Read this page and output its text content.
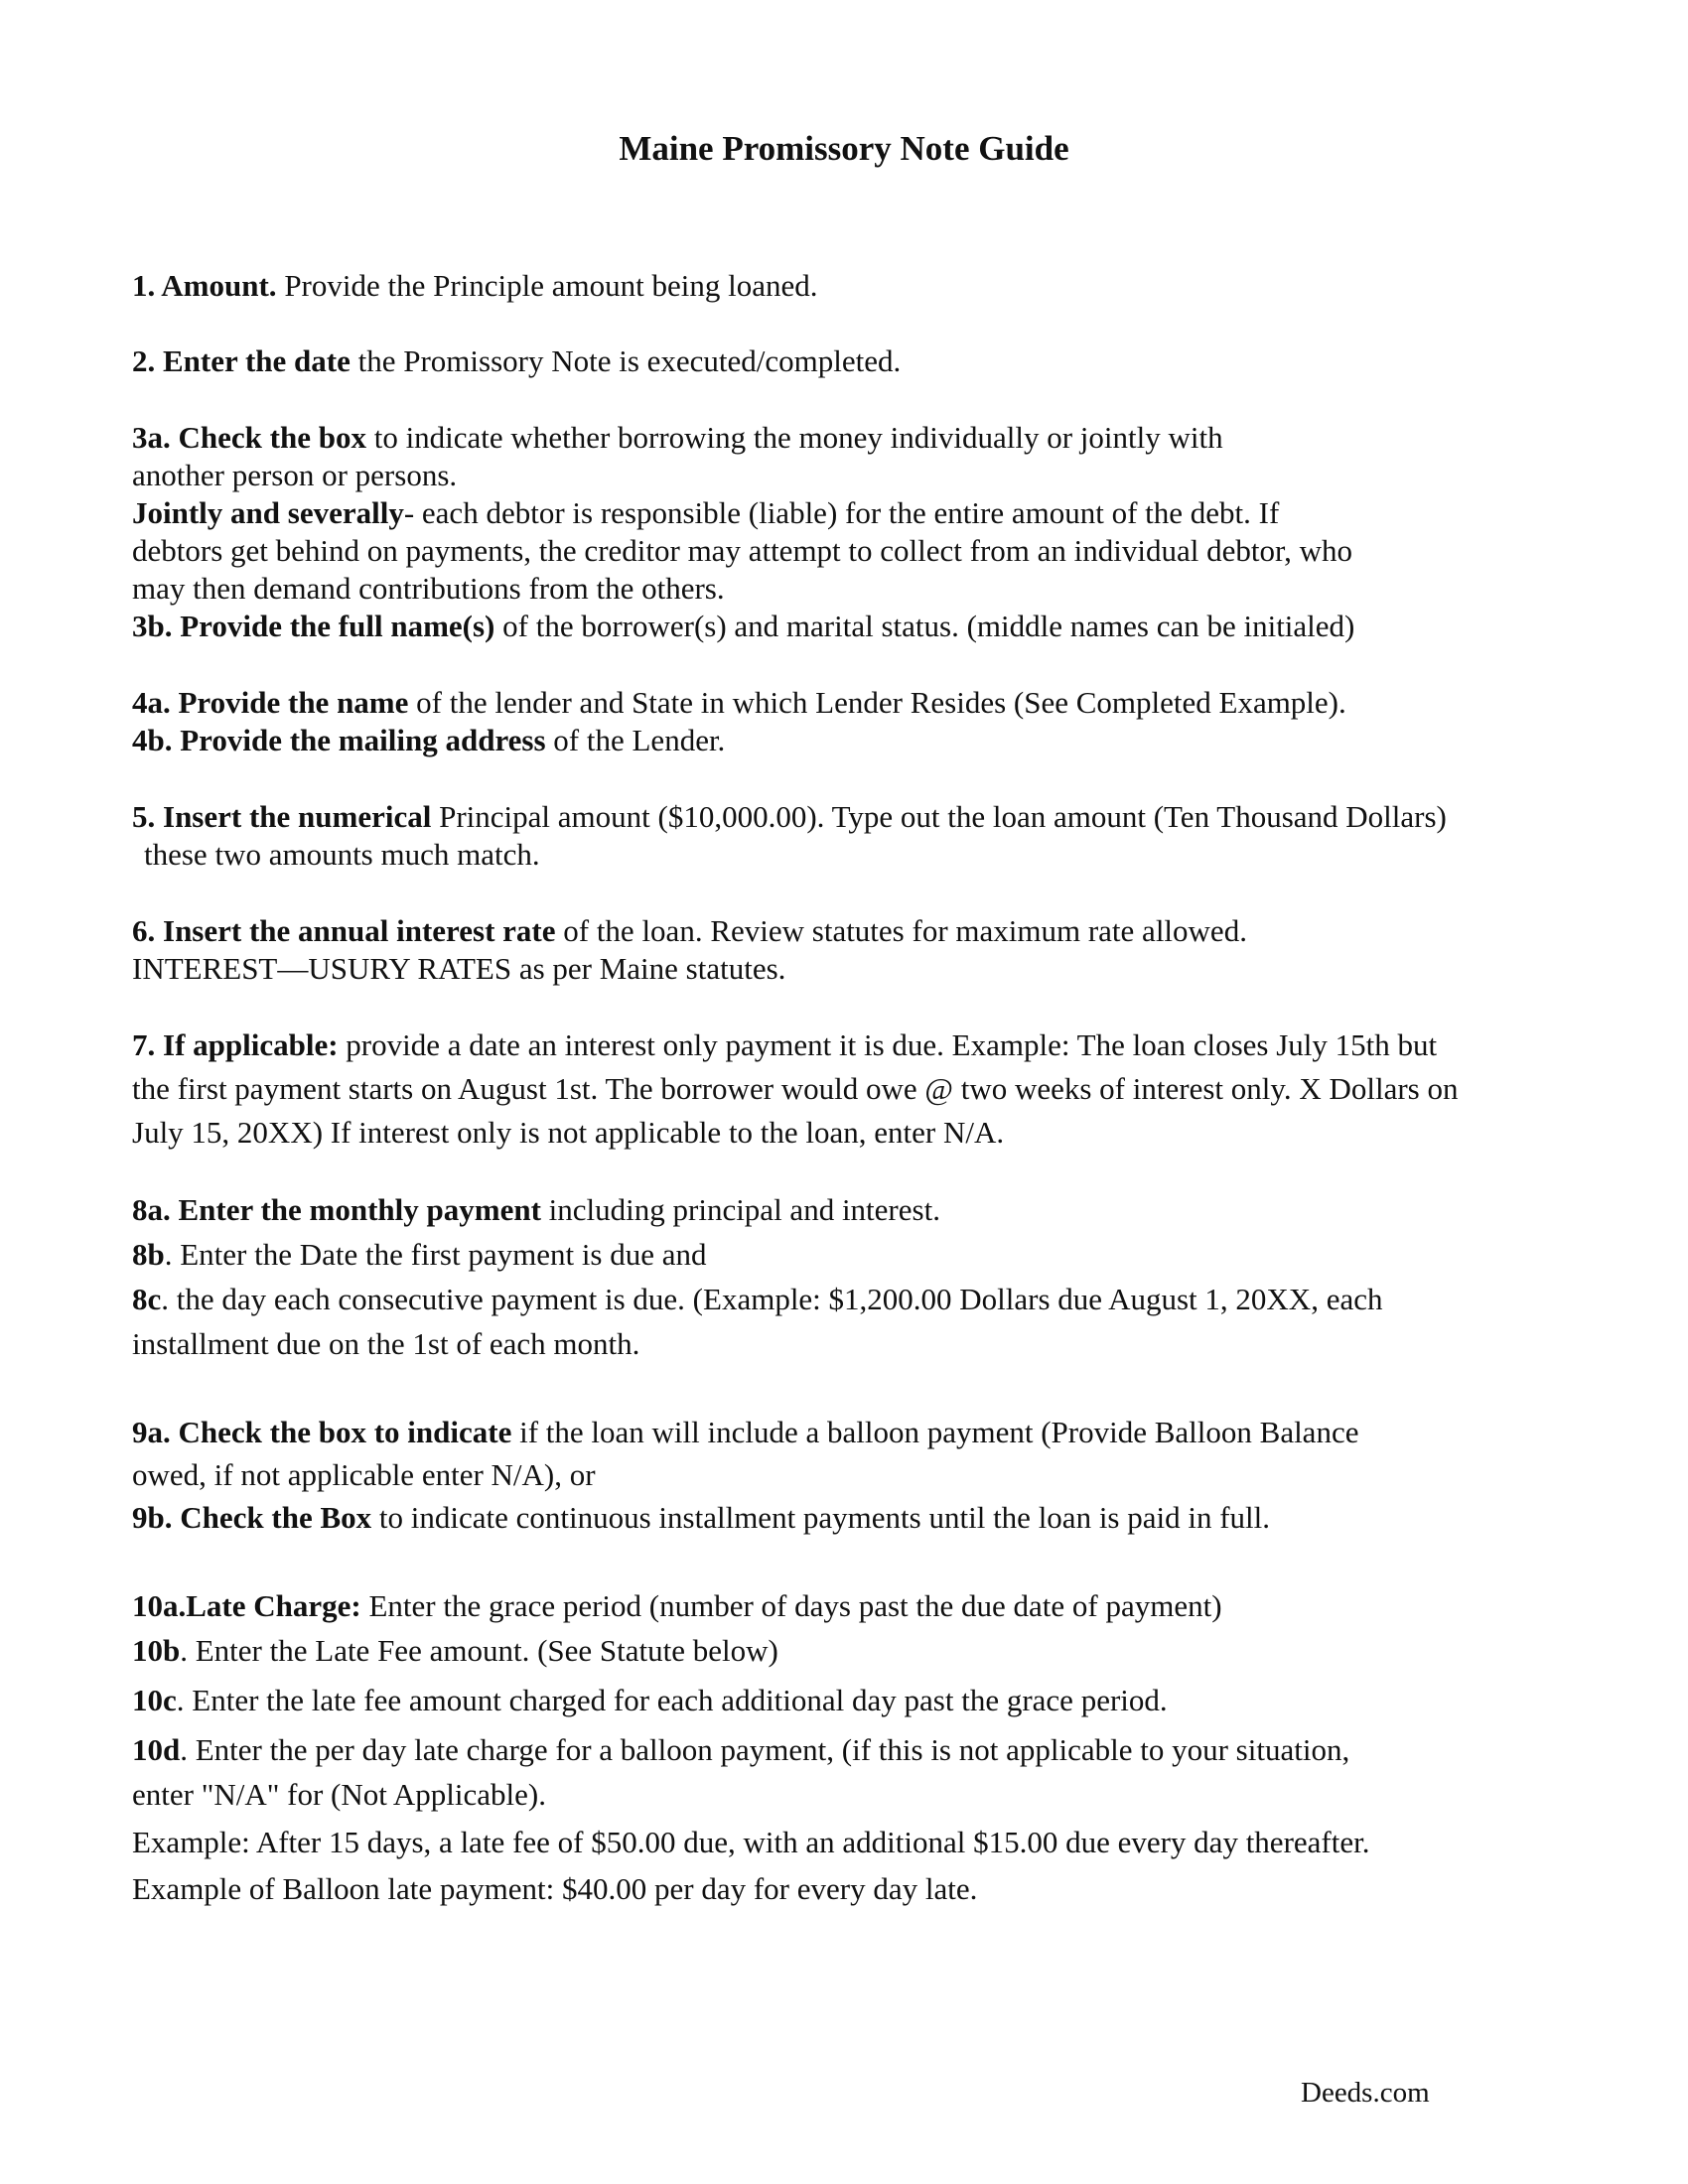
Maine Promissory Note Guide
1. Amount. Provide the Principle amount being loaned.
2. Enter the date the Promissory Note is executed/completed.
3a. Check the box to indicate whether borrowing the money individually or jointly with
another person or persons.
Jointly and severally- each debtor is responsible (liable) for the entire amount of the debt. If
debtors get behind on payments, the creditor may attempt to collect from an individual debtor, who
may then demand contributions from the others.
3b. Provide the full name(s) of the borrower(s) and marital status. (middle names can be initialed)
4a. Provide the name of the lender and State in which Lender Resides (See Completed Example).
4b. Provide the mailing address of the Lender.
5. Insert the numerical Principal amount ($10,000.00). Type out the loan amount (Ten Thousand Dollars)
these two amounts much match.
6. Insert the annual interest rate of the loan. Review statutes for maximum rate allowed.
INTEREST—USURY RATES as per Maine statutes.
7. If applicable: provide a date an interest only payment it is due. Example: The loan closes July 15th but
the first payment starts on August 1st. The borrower would owe @ two weeks of interest only. X Dollars on
July 15, 20XX) If interest only is not applicable to the loan, enter N/A.
8a. Enter the monthly payment including principal and interest.
8b. Enter the Date the first payment is due and
8c. the day each consecutive payment is due. (Example: $1,200.00 Dollars due August 1, 20XX, each
installment due on the 1st of each month.
9a. Check the box to indicate if the loan will include a balloon payment (Provide Balloon Balance
owed, if not applicable enter N/A), or
9b. Check the Box to indicate continuous installment payments until the loan is paid in full.
10a.Late Charge: Enter the grace period (number of days past the due date of payment)
10b. Enter the Late Fee amount. (See Statute below)
10c. Enter the late fee amount charged for each additional day past the grace period.
10d. Enter the per day late charge for a balloon payment, (if this is not applicable to your situation,
enter "N/A" for (Not Applicable).
Example: After 15 days, a late fee of $50.00 due, with an additional $15.00 due every day thereafter.
Example of Balloon late payment: $40.00 per day for every day late.
Deeds.com
